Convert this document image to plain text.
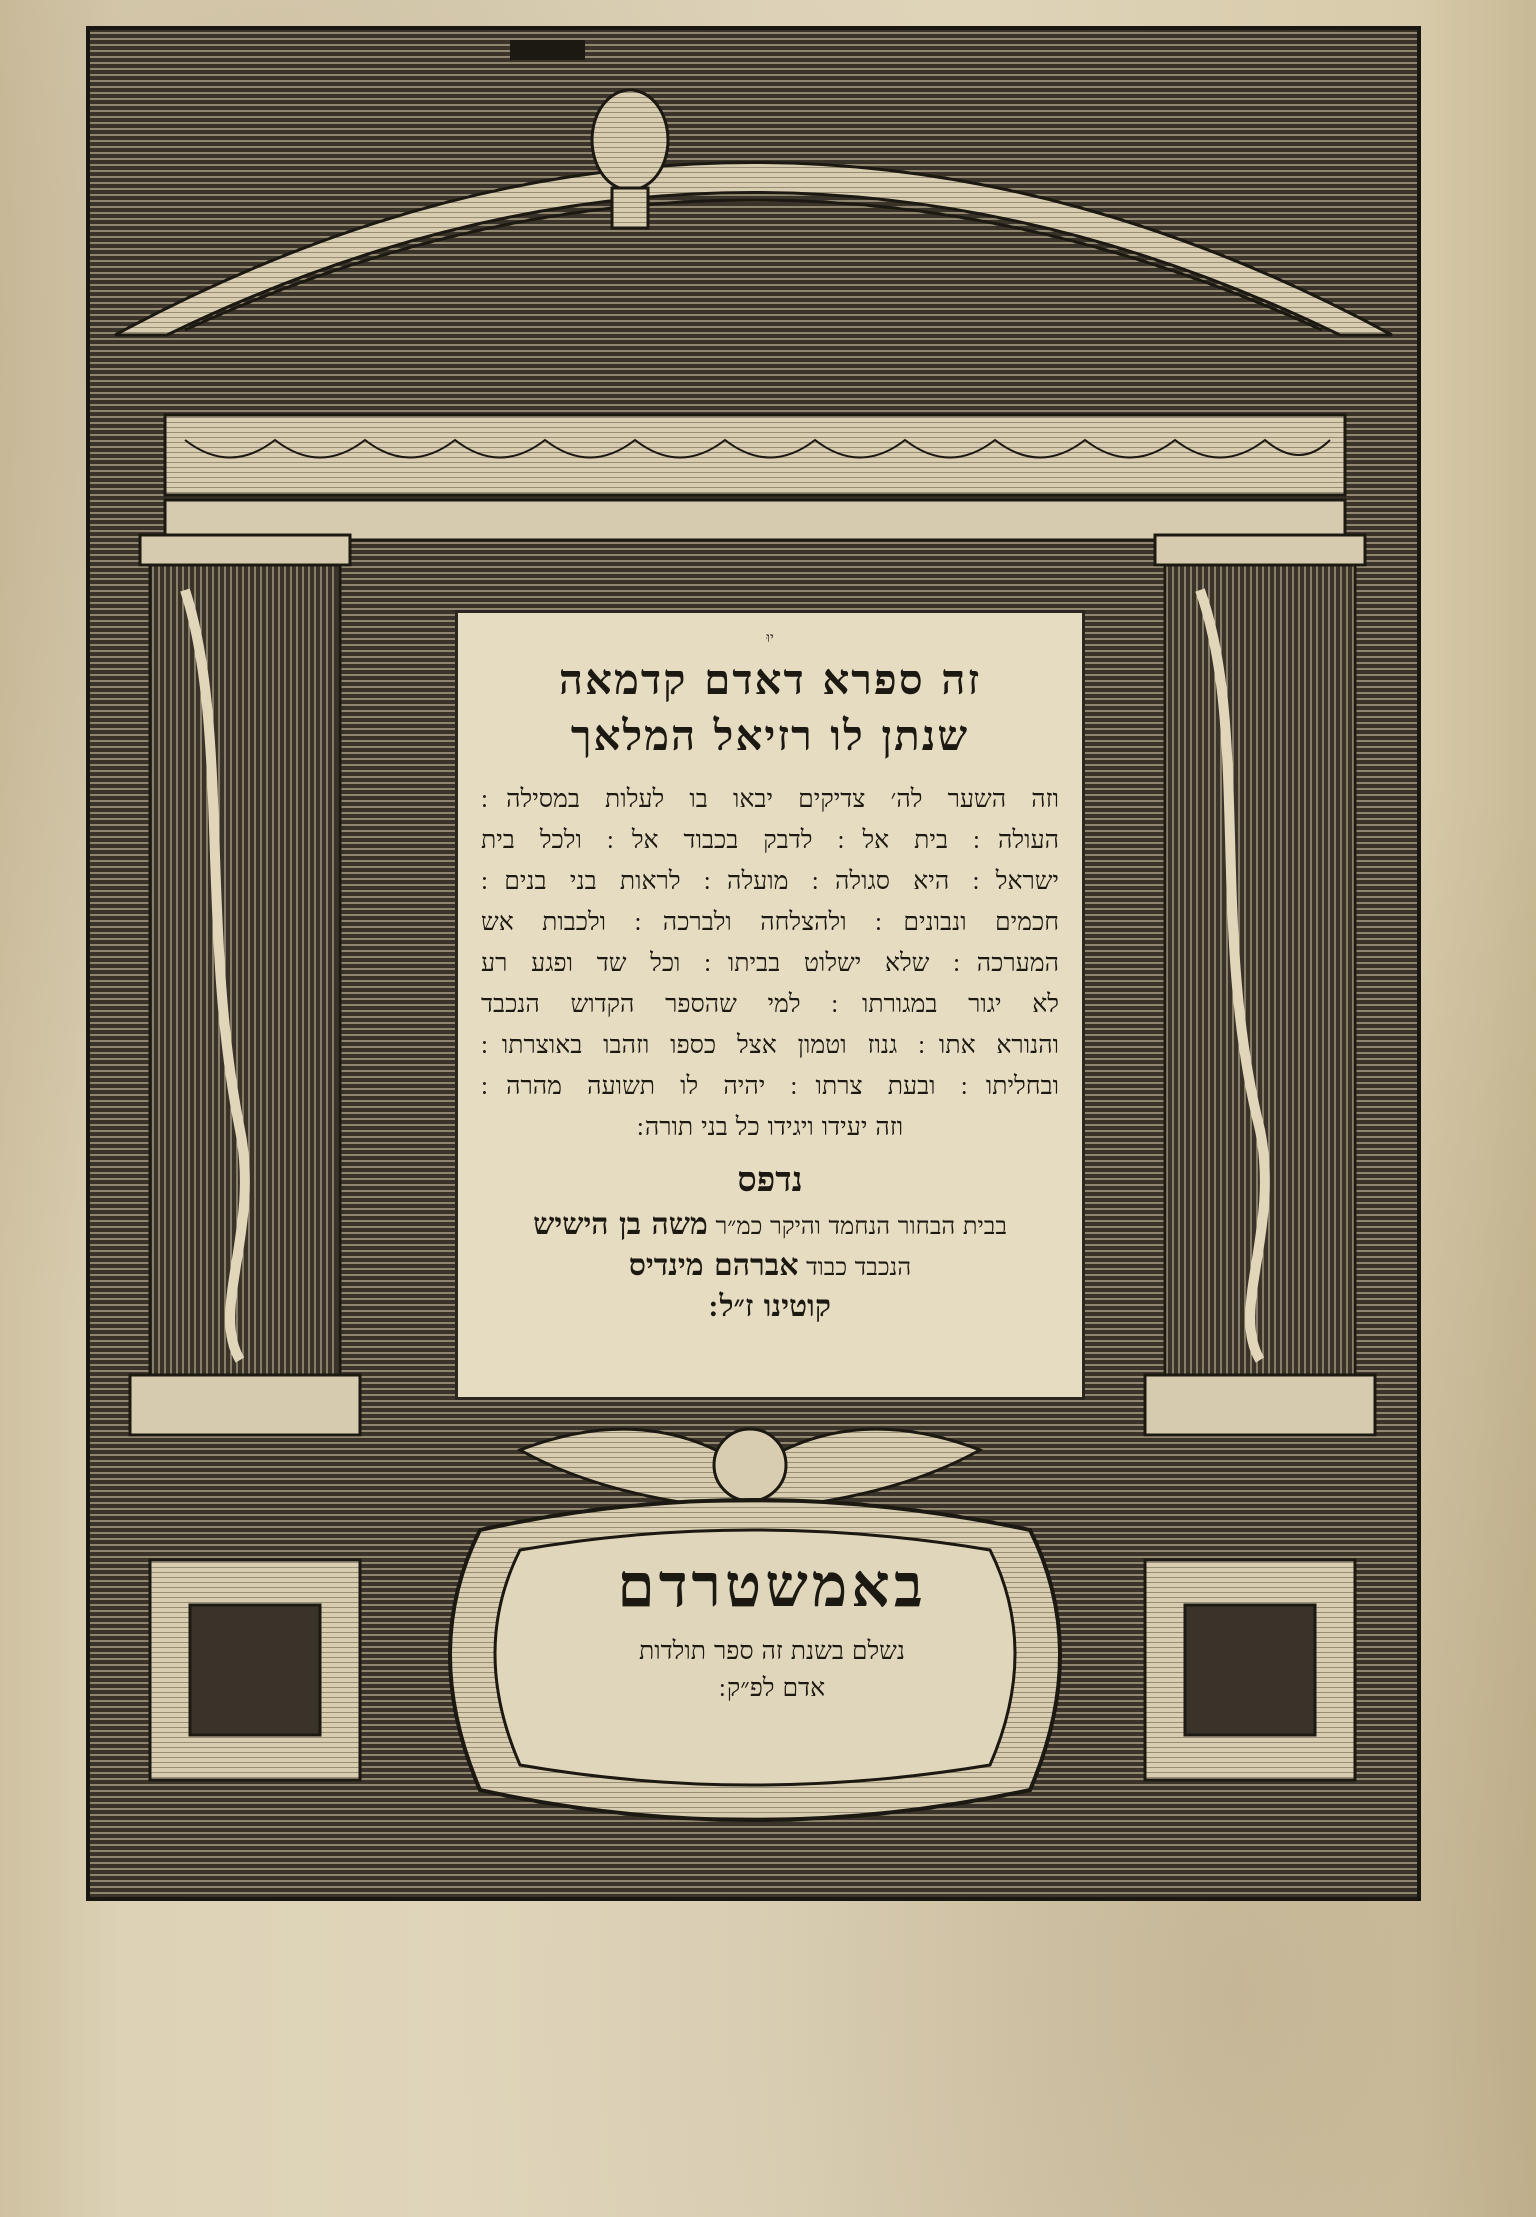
יוּ
זה ספרא דאדם קדמאה
שנתן לו רזיאל המלאך
וזה השער לה׳ צדיקים יבאו בו לעלות במסילה ׃
העולה ׃ בית אל ׃ לדבק בכבוד אל ׃ ולכל בית
ישראל ׃ היא סגולה ׃ מועלה ׃ לראות בני בנים ׃
חכמים ונבונים ׃ ולהצלחה ולברכה ׃ ולכבות אש
המערכה ׃ שלא ישלוט בביתו ׃ וכל שד ופגע רע
לא יגור במגורתו ׃ למי שהספר הקדוש הנכבד
והנורא אתו ׃ גנוז וטמון אצל כספו וזהבו באוצרתו ׃
ובחליתו ׃ ובעת צרתו ׃ יהיה לו תשועה מהרה ׃
וזה יעידו ויגידו כל בני תורה ׃
נדפס
בבית הבחור הנחמד והיקר כמ״ר משה בן הישיש
הנכבד כבוד אברהם מינדיס
קוטינו ז״ל ׃
באמשטרדם
נשלם בשנת זה ספר תולדות
אדם לפ״ק ׃
